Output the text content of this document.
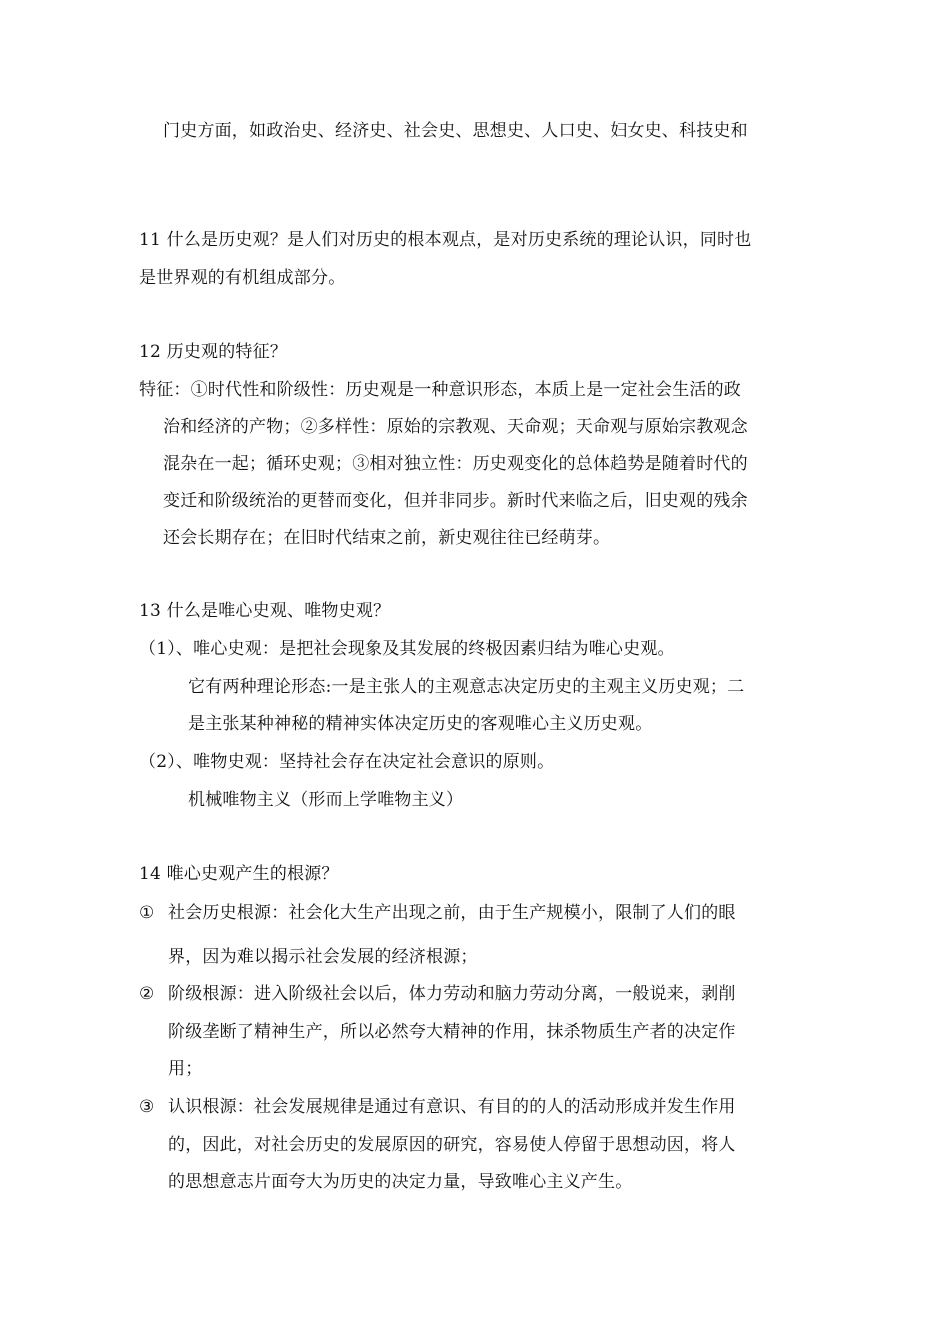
门史方面，如政治史、经济史、社会史、思想史、人口史、妇女史、科技史和
11 什么是历史观？是人们对历史的根本观点，是对历史系统的理论认识，同时也
是世界观的有机组成部分。
12 历史观的特征？
特征：①时代性和阶级性：历史观是一种意识形态，本质上是一定社会生活的政
治和经济的产物；②多样性：原始的宗教观、天命观；天命观与原始宗教观念
混杂在一起；循环史观；③相对独立性：历史观变化的总体趋势是随着时代的
变迁和阶级统治的更替而变化，但并非同步。新时代来临之后，旧史观的残余
还会长期存在；在旧时代结束之前，新史观往往已经萌芽。
13 什么是唯心史观、唯物史观？
（1）、唯心史观：是把社会现象及其发展的终极因素归结为唯心史观。
它有两种理论形态:一是主张人的主观意志决定历史的主观主义历史观；二
是主张某种神秘的精神实体决定历史的客观唯心主义历史观。
（2）、唯物史观：坚持社会存在决定社会意识的原则。
机械唯物主义（形而上学唯物主义）
14 唯心史观产生的根源？
① 社会历史根源：社会化大生产出现之前，由于生产规模小，限制了人们的眼
界，因为难以揭示社会发展的经济根源；
② 阶级根源：进入阶级社会以后，体力劳动和脑力劳动分离，一般说来，剥削
阶级垄断了精神生产，所以必然夸大精神的作用，抹杀物质生产者的决定作
用；
③ 认识根源：社会发展规律是通过有意识、有目的的人的活动形成并发生作用
的，因此，对社会历史的发展原因的研究，容易使人停留于思想动因，将人
的思想意志片面夸大为历史的决定力量，导致唯心主义产生。
